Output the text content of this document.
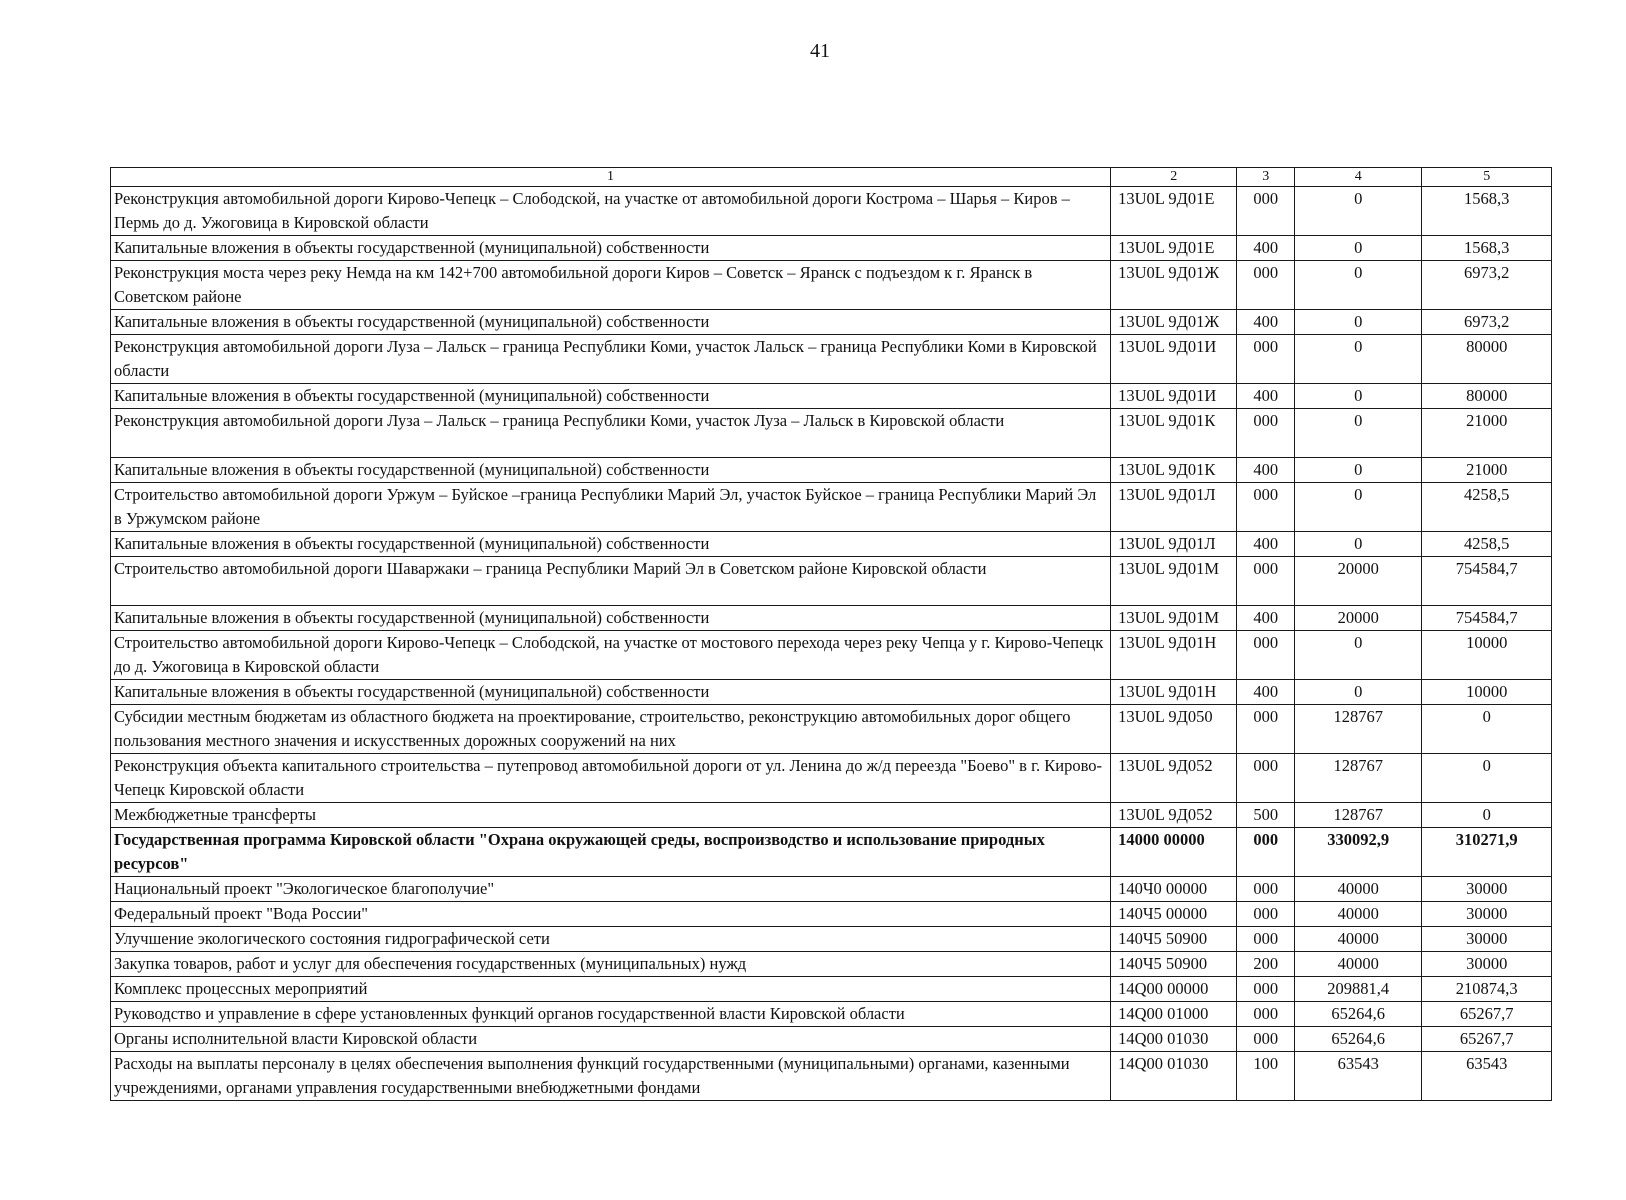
41
1	2	3	4	5
Реконструкция автомобильной дороги Кирово-Чепецк – Слободской, на участке от автомобильной дороги Кострома – Шарья – Киров – Пермь до д. Ужоговица в Кировской области	13U0L 9Д01Е	000	0	1568,3
Капитальные вложения в объекты государственной (муниципальной) собственности	13U0L 9Д01Е	400	0	1568,3
Реконструкция моста через реку Немда на км 142+700 автомобильной дороги Киров – Советск – Яранск с подъездом к г. Яранск в Советском районе	13U0L 9Д01Ж	000	0	6973,2
Капитальные вложения в объекты государственной (муниципальной) собственности	13U0L 9Д01Ж	400	0	6973,2
Реконструкция автомобильной дороги Луза – Лальск – граница Республики Коми, участок Лальск – граница Республики Коми в Кировской области	13U0L 9Д01И	000	0	80000
Капитальные вложения в объекты государственной (муниципальной) собственности	13U0L 9Д01И	400	0	80000
Реконструкция автомобильной дороги Луза – Лальск – граница Республики Коми, участок Луза – Лальск в Кировской области	13U0L 9Д01К	000	0	21000
Капитальные вложения в объекты государственной (муниципальной) собственности	13U0L 9Д01К	400	0	21000
Строительство автомобильной дороги Уржум – Буйское –граница Республики Марий Эл, участок Буйское – граница Республики Марий Эл в Уржумском районе	13U0L 9Д01Л	000	0	4258,5
Капитальные вложения в объекты государственной (муниципальной) собственности	13U0L 9Д01Л	400	0	4258,5
Строительство автомобильной дороги Шаваржаки – граница Республики Марий Эл в Советском районе Кировской области	13U0L 9Д01М	000	20000	754584,7
Капитальные вложения в объекты государственной (муниципальной) собственности	13U0L 9Д01М	400	20000	754584,7
Строительство автомобильной дороги Кирово-Чепецк – Слободской, на участке от мостового перехода через реку Чепца у г. Кирово-Чепецк до д. Ужоговица в Кировской области	13U0L 9Д01Н	000	0	10000
Капитальные вложения в объекты государственной (муниципальной) собственности	13U0L 9Д01Н	400	0	10000
Субсидии местным бюджетам из областного бюджета на проектирование, строительство, реконструкцию автомобильных дорог общего пользования местного значения и искусственных дорожных сооружений на них	13U0L 9Д050	000	128767	0
Реконструкция объекта капитального строительства – путепровод автомобильной дороги от ул. Ленина до ж/д переезда "Боево" в г. Кирово-Чепецк Кировской области	13U0L 9Д052	000	128767	0
Межбюджетные трансферты	13U0L 9Д052	500	128767	0
Государственная программа Кировской области "Охрана окружающей среды, воспроизводство и использование природных ресурсов"	14000 00000	000	330092,9	310271,9
Национальный проект "Экологическое благополучие"	140Ч0 00000	000	40000	30000
Федеральный проект "Вода России"	140Ч5 00000	000	40000	30000
Улучшение экологического состояния гидрографической сети	140Ч5 50900	000	40000	30000
Закупка товаров, работ и услуг для обеспечения государственных (муниципальных) нужд	140Ч5 50900	200	40000	30000
Комплекс процессных мероприятий	14Q00 00000	000	209881,4	210874,3
Руководство и управление в сфере установленных функций органов государственной власти Кировской области	14Q00 01000	000	65264,6	65267,7
Органы исполнительной власти Кировской области	14Q00 01030	000	65264,6	65267,7
Расходы на выплаты персоналу в целях обеспечения выполнения функций государственными (муниципальными) органами, казенными учреждениями, органами управления государственными внебюджетными фондами	14Q00 01030	100	63543	63543
